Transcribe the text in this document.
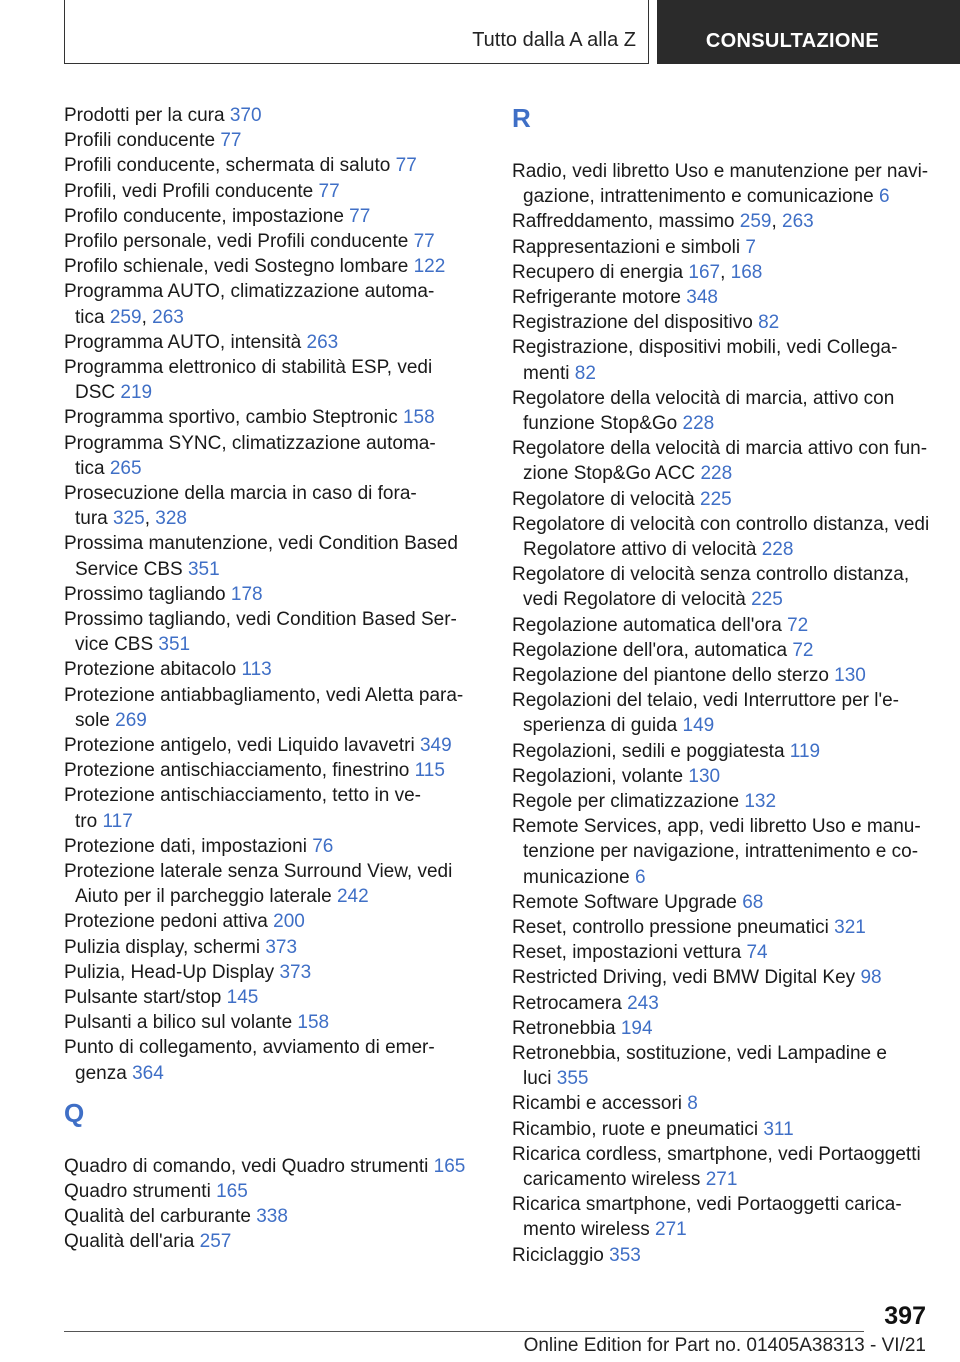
Tutto dalla A alla Z	CONSULTAZIONE
Prodotti per la cura 370
Profili conducente 77
Profili conducente, schermata di saluto 77
Profili, vedi Profili conducente 77
Profilo conducente, impostazione 77
Profilo personale, vedi Profili conducente 77
Profilo schienale, vedi Sostegno lombare 122
Programma AUTO, climatizzazione automa-
tica 259, 263
Programma AUTO, intensità 263
Programma elettronico di stabilità ESP, vedi
DSC 219
Programma sportivo, cambio Steptronic 158
Programma SYNC, climatizzazione automa-
tica 265
Prosecuzione della marcia in caso di fora-
tura 325, 328
Prossima manutenzione, vedi Condition Based
Service CBS 351
Prossimo tagliando 178
Prossimo tagliando, vedi Condition Based Ser-
vice CBS 351
Protezione abitacolo 113
Protezione antiabbagliamento, vedi Aletta para-
sole 269
Protezione antigelo, vedi Liquido lavavetri 349
Protezione antischiacciamento, finestrino 115
Protezione antischiacciamento, tetto in ve-
tro 117
Protezione dati, impostazioni 76
Protezione laterale senza Surround View, vedi
Aiuto per il parcheggio laterale 242
Protezione pedoni attiva 200
Pulizia display, schermi 373
Pulizia, Head-Up Display 373
Pulsante start/stop 145
Pulsanti a bilico sul volante 158
Punto di collegamento, avviamento di emer-
genza 364
Q
Quadro di comando, vedi Quadro strumenti 165
Quadro strumenti 165
Qualità del carburante 338
Qualità dell'aria 257
R
Radio, vedi libretto Uso e manutenzione per navi-
gazione, intrattenimento e comunicazione 6
Raffreddamento, massimo 259, 263
Rappresentazioni e simboli 7
Recupero di energia 167, 168
Refrigerante motore 348
Registrazione del dispositivo 82
Registrazione, dispositivi mobili, vedi Collega-
menti 82
Regolatore della velocità di marcia, attivo con
funzione Stop&Go 228
Regolatore della velocità di marcia attivo con fun-
zione Stop&Go ACC 228
Regolatore di velocità 225
Regolatore di velocità con controllo distanza, vedi
Regolatore attivo di velocità 228
Regolatore di velocità senza controllo distanza,
vedi Regolatore di velocità 225
Regolazione automatica dell'ora 72
Regolazione dell'ora, automatica 72
Regolazione del piantone dello sterzo 130
Regolazioni del telaio, vedi Interruttore per l'e-
sperienza di guida 149
Regolazioni, sedili e poggiatesta 119
Regolazioni, volante 130
Regole per climatizzazione 132
Remote Services, app, vedi libretto Uso e manu-
tenzione per navigazione, intrattenimento e co-
municazione 6
Remote Software Upgrade 68
Reset, controllo pressione pneumatici 321
Reset, impostazioni vettura 74
Restricted Driving, vedi BMW Digital Key 98
Retrocamera 243
Retronebbia 194
Retronebbia, sostituzione, vedi Lampadine e
luci 355
Ricambi e accessori 8
Ricambio, ruote e pneumatici 311
Ricarica cordless, smartphone, vedi Portaoggetti
caricamento wireless 271
Ricarica smartphone, vedi Portaoggetti carica-
mento wireless 271
Riciclaggio 353
397
Online Edition for Part no. 01405A38313 - VI/21
